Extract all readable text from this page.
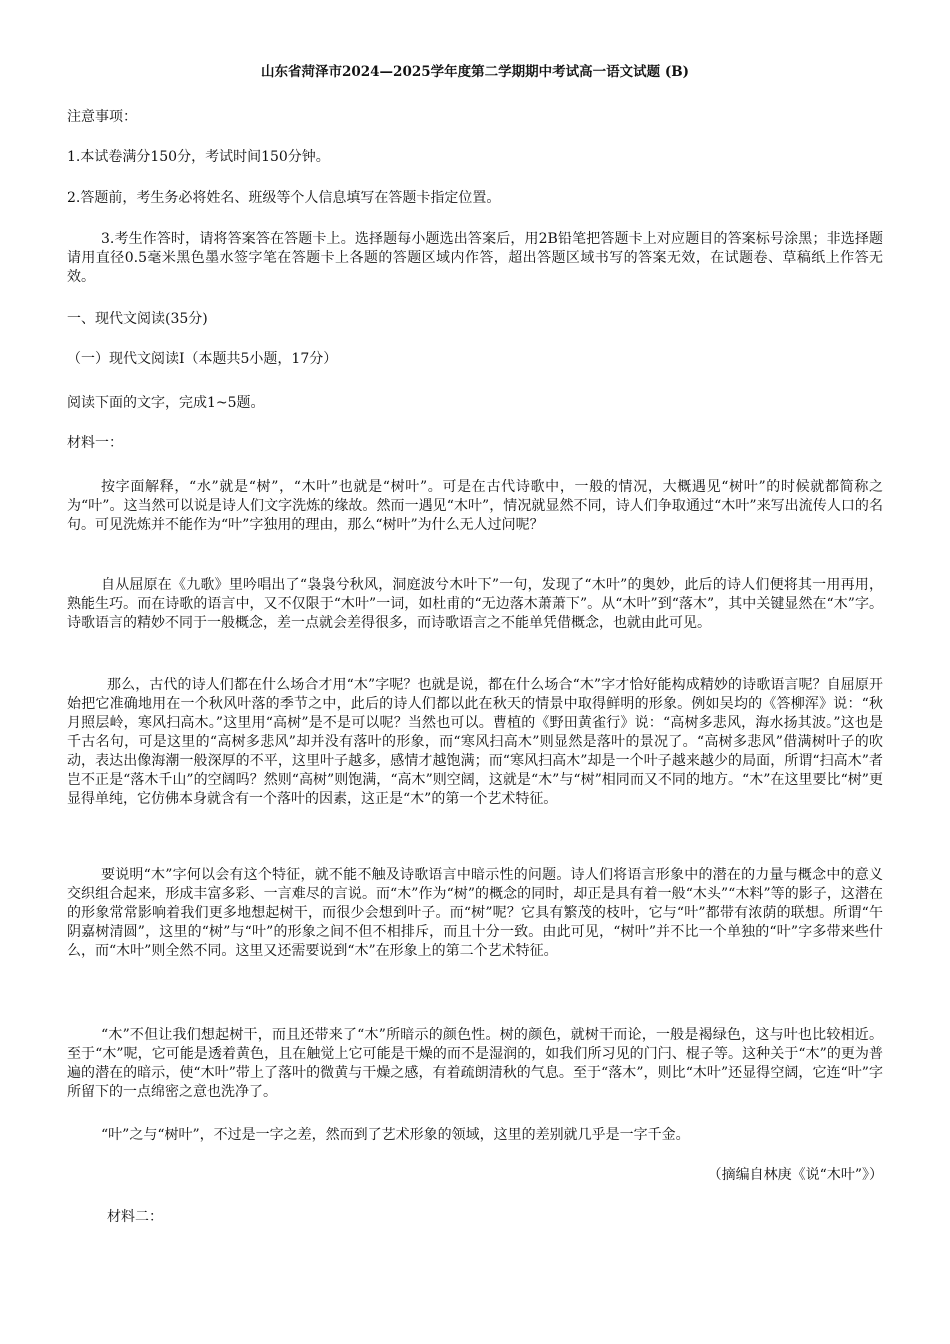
山东省菏泽市2024—2025学年度第二学期期中考试高一语文试题 (B)

注意事项：

1.本试卷满分150分，考试时间150分钟。

2.答题前，考生务必将姓名、班级等个人信息填写在答题卡指定位置。

3.考生作答时，请将答案答在答题卡上。选择题每小题选出答案后，用2B铅笔把答题卡上对应题目的答案标号涂黑；非选择题请用直径0.5毫米黑色墨水签字笔在答题卡上各题的答题区域内作答，超出答题区域书写的答案无效，在试题卷、草稿纸上作答无效。

一、现代文阅读(35分)

（一）现代文阅读Ⅰ（本题共5小题，17分）

阅读下面的文字，完成1~5题。

材料一：

按字面解释，“水”就是“树”，“木叶”也就是“树叶”。可是在古代诗歌中，一般的情况，大概遇见“树叶”的时候就都简称之为“叶”。这当然可以说是诗人们文字洗炼的缘故。然而一遇见“木叶”，情况就显然不同，诗人们争取通过“木叶”来写出流传人口的名句。可见洗炼并不能作为“叶”字独用的理由，那么“树叶”为什么无人过问呢？

自从屈原在《九歌》里吟唱出了“袅袅兮秋风，洞庭波兮木叶下”一句，发现了“木叶”的奥妙，此后的诗人们便将其一用再用，熟能生巧。而在诗歌的语言中，又不仅限于“木叶”一词，如杜甫的“无边落木萧萧下”。从“木叶”到“落木”，其中关键显然在“木”字。诗歌语言的精妙不同于一般概念，差一点就会差得很多，而诗歌语言之不能单凭借概念，也就由此可见。

那么，古代的诗人们都在什么场合才用“木”字呢？也就是说，都在什么场合“木”字才恰好能构成精妙的诗歌语言呢？自屈原开始把它准确地用在一个秋风叶落的季节之中，此后的诗人们都以此在秋天的情景中取得鲜明的形象。例如吴均的《答柳浑》说：“秋月照层岭，寒风扫高木。”这里用“高树”是不是可以呢？当然也可以。曹植的《野田黄雀行》说：“高树多悲风，海水扬其波。”这也是千古名句，可是这里的“高树多悲风”却并没有落叶的形象，而“寒风扫高木”则显然是落叶的景况了。“高树多悲风”借满树叶子的吹动，表达出像海潮一般深厚的不平，这里叶子越多，感情才越饱满；而“寒风扫高木”却是一个叶子越来越少的局面，所谓“扫高木”者岂不正是“落木千山”的空阔吗？然则“高树”则饱满，“高木”则空阔，这就是“木”与“树”相同而又不同的地方。“木”在这里要比“树”更显得单纯，它仿佛本身就含有一个落叶的因素，这正是“木”的第一个艺术特征。

要说明“木”字何以会有这个特征，就不能不触及诗歌语言中暗示性的问题。诗人们将语言形象中的潜在的力量与概念中的意义交织组合起来，形成丰富多彩、一言难尽的言说。而“木”作为“树”的概念的同时，却正是具有着一般“木头”“木料”等的影子，这潜在的形象常常影响着我们更多地想起树干，而很少会想到叶子。而“树”呢？它具有繁茂的枝叶，它与“叶”都带有浓荫的联想。所谓“午阴嘉树清圆”，这里的“树”与“叶”的形象之间不但不相排斥，而且十分一致。由此可见，“树叶”并不比一个单独的“叶”字多带来些什么，而“木叶”则全然不同。这里又还需要说到“木”在形象上的第二个艺术特征。

“木”不但让我们想起树干，而且还带来了“木”所暗示的颜色性。树的颜色，就树干而论，一般是褐绿色，这与叶也比较相近。至于“木”呢，它可能是透着黄色，且在触觉上它可能是干燥的而不是湿润的，如我们所习见的门闩、棍子等。这种关于“木”的更为普遍的潜在的暗示，使“木叶”带上了落叶的微黄与干燥之感，有着疏朗清秋的气息。至于“落木”，则比“木叶”还显得空阔，它连“叶”字所留下的一点绵密之意也洗净了。

“叶”之与“树叶”，不过是一字之差，然而到了艺术形象的领域，这里的差别就几乎是一字千金。

（摘编自林庚《说“木叶”》）

材料二：
